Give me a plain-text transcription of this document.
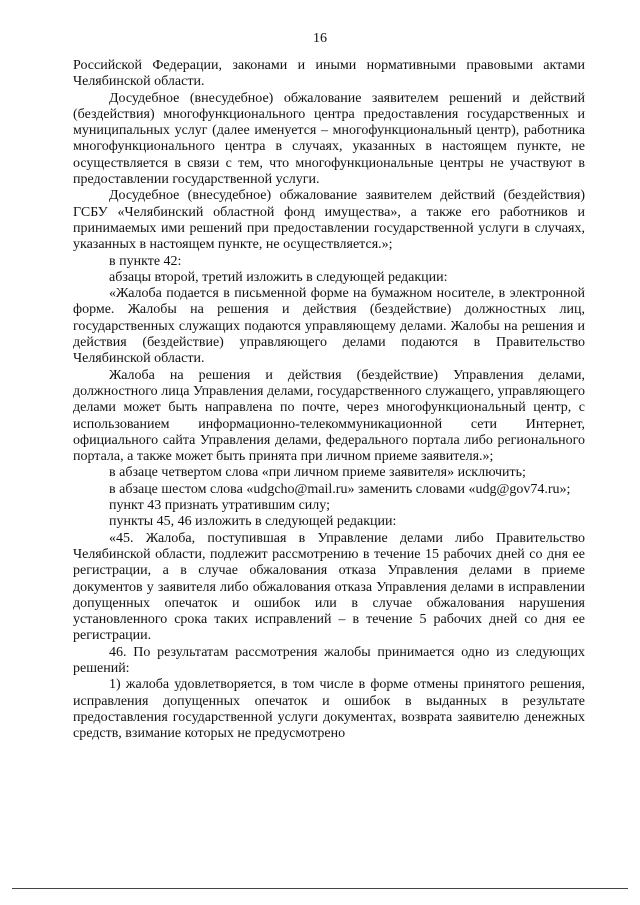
16

Российской Федерации, законами и иными нормативными правовыми актами Челябинской области.

Досудебное (внесудебное) обжалование заявителем решений и действий (бездействия) многофункционального центра предоставления государственных и муниципальных услуг (далее именуется – многофункциональный центр), работника многофункционального центра в случаях, указанных в настоящем пункте, не осуществляется в связи с тем, что многофункциональные центры не участвуют в предоставлении государственной услуги.

Досудебное (внесудебное) обжалование заявителем действий (бездействия) ГСБУ «Челябинский областной фонд имущества», а также его работников и принимаемых ими решений при предоставлении государственной услуги в случаях, указанных в настоящем пункте, не осуществляется.»;

в пункте 42:

абзацы второй, третий изложить в следующей редакции:

«Жалоба подается в письменной форме на бумажном носителе, в электронной форме. Жалобы на решения и действия (бездействие) должностных лиц, государственных служащих подаются управляющему делами. Жалобы на решения и действия (бездействие) управляющего делами подаются в Правительство Челябинской области.

Жалоба на решения и действия (бездействие) Управления делами, должностного лица Управления делами, государственного служащего, управляющего делами может быть направлена по почте, через многофункциональный центр, с использованием информационно-телекоммуникационной сети Интернет, официального сайта Управления делами, федерального портала либо регионального портала, а также может быть принята при личном приеме заявителя.»;

в абзаце четвертом слова «при личном приеме заявителя» исключить;

в абзаце шестом слова «udgcho@mail.ru» заменить словами «udg@gov74.ru»;

пункт 43 признать утратившим силу;

пункты 45, 46 изложить в следующей редакции:

«45. Жалоба, поступившая в Управление делами либо Правительство Челябинской области, подлежит рассмотрению в течение 15 рабочих дней со дня ее регистрации, а в случае обжалования отказа Управления делами в приеме документов у заявителя либо обжалования отказа Управления делами в исправлении допущенных опечаток и ошибок или в случае обжалования нарушения установленного срока таких исправлений – в течение 5 рабочих дней со дня ее регистрации.

46. По результатам рассмотрения жалобы принимается одно из следующих решений:

1) жалоба удовлетворяется, в том числе в форме отмены принятого решения, исправления допущенных опечаток и ошибок в выданных в результате предоставления государственной услуги документах, возврата заявителю денежных средств, взимание которых не предусмотрено
